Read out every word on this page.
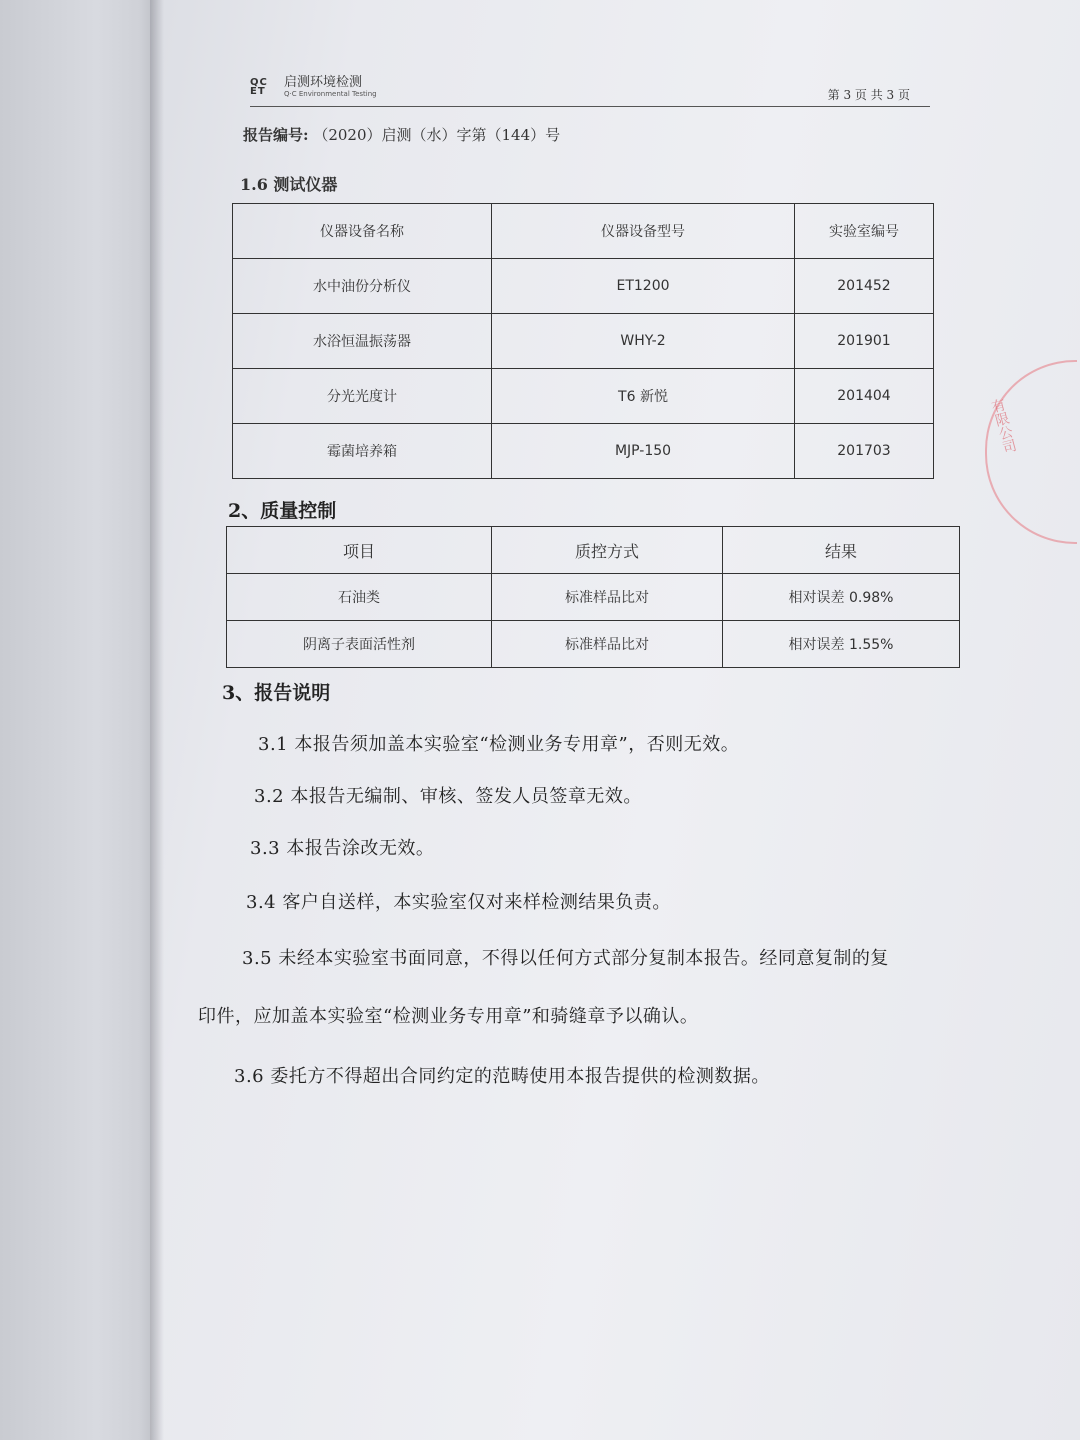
QC
ET
启测环境检测
Q·C Environmental Testing	第 3 页 共 3 页
报告编号: （2020）启测（水）字第（144）号
1.6 测试仪器
仪器设备名称	仪器设备型号	实验室编号
水中油份分析仪	ET1200	201452
水浴恒温振荡器	WHY-2	201901
分光光度计	T6 新悦	201404
霉菌培养箱	MJP-150	201703
2、质量控制
项目	质控方式	结果
石油类	标准样品比对	相对误差 0.98%
阴离子表面活性剂	标准样品比对	相对误差 1.55%
3、报告说明
3.1 本报告须加盖本实验室“检测业务专用章”，否则无效。
3.2 本报告无编制、审核、签发人员签章无效。
3.3 本报告涂改无效。
3.4 客户自送样，本实验室仅对来样检测结果负责。
3.5 未经本实验室书面同意，不得以任何方式部分复制本报告。经同意复制的复
印件，应加盖本实验室“检测业务专用章”和骑缝章予以确认。
3.6 委托方不得超出合同约定的范畴使用本报告提供的检测数据。
有限公司
